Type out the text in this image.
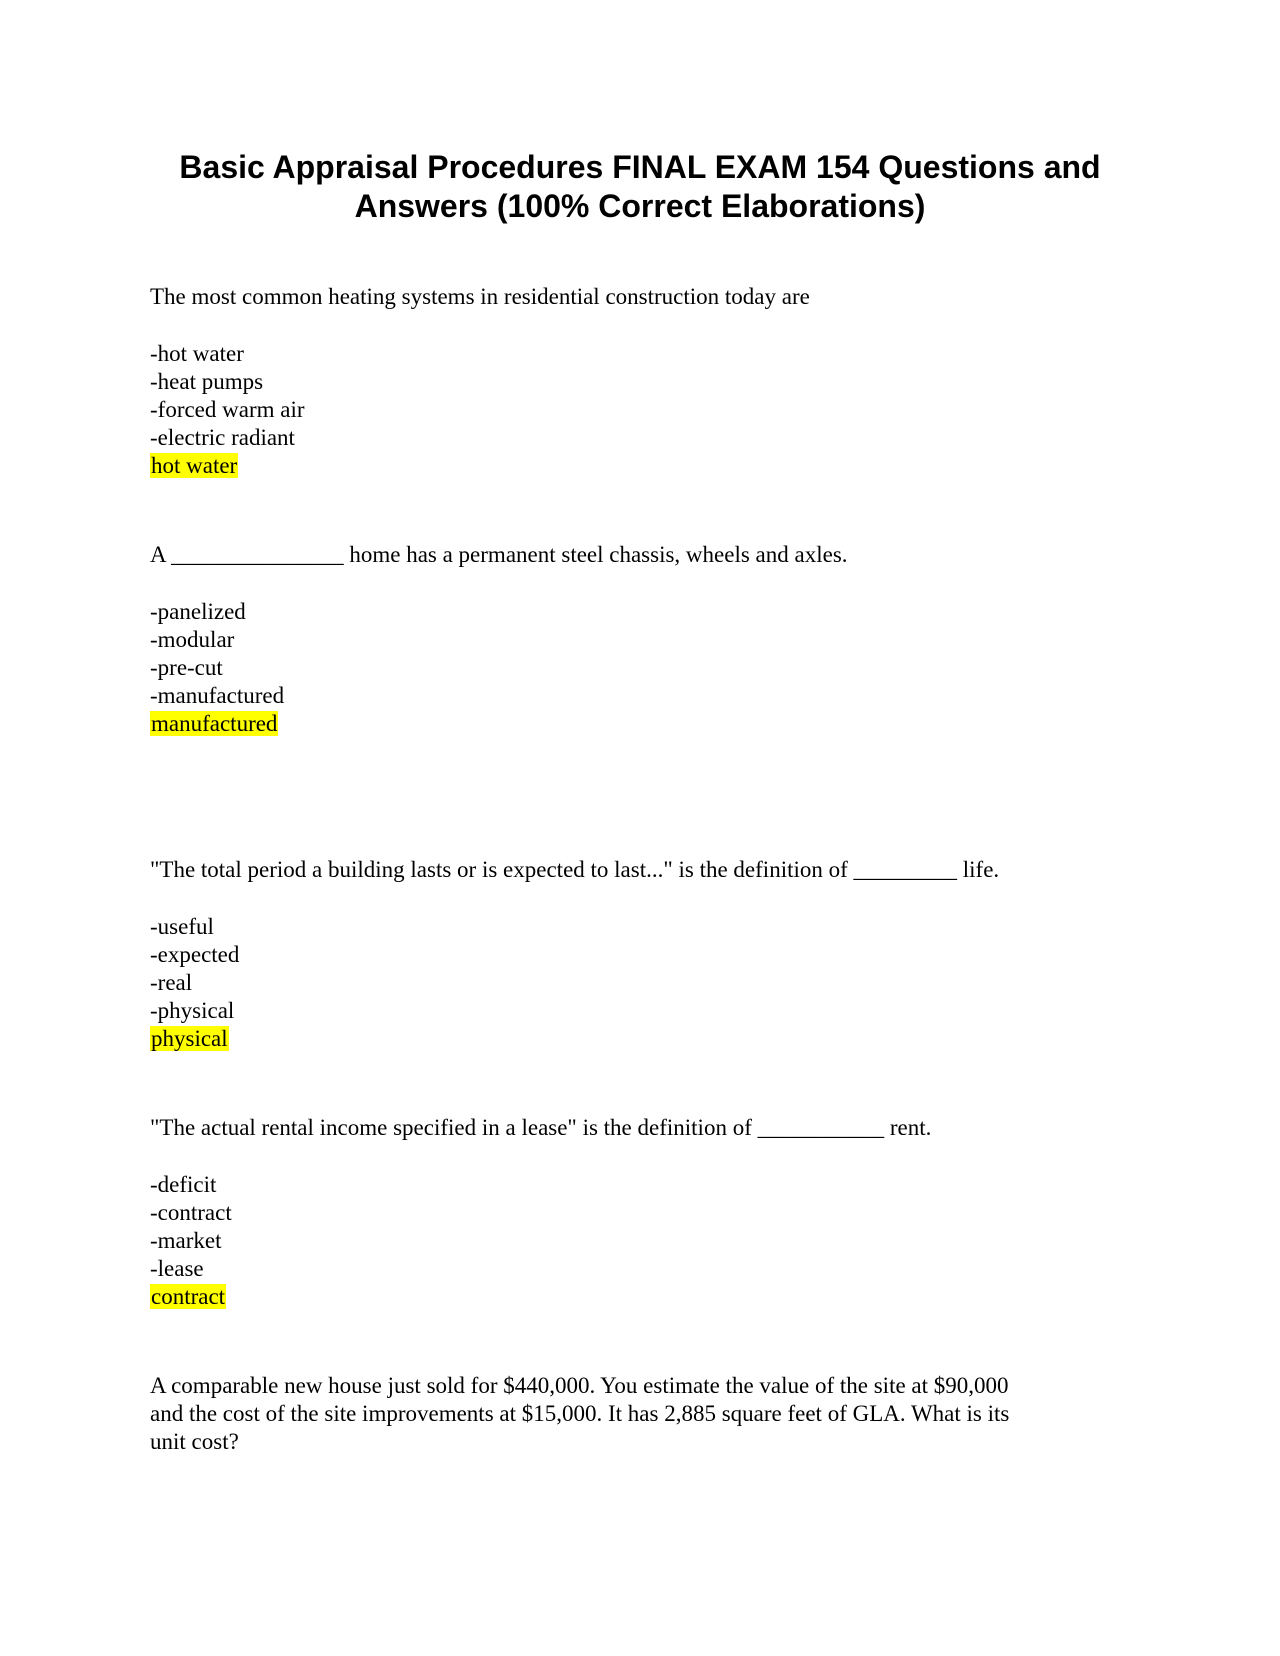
Basic Appraisal Procedures FINAL EXAM 154 Questions and
Answers (100% Correct Elaborations)
The most common heating systems in residential construction today are
-hot water
-heat pumps
-forced warm air
-electric radiant
hot water
A _______________ home has a permanent steel chassis, wheels and axles.
-panelized
-modular
-pre-cut
-manufactured
manufactured
"The total period a building lasts or is expected to last..." is the definition of _________ life.
-useful
-expected
-real
-physical
physical
"The actual rental income specified in a lease" is the definition of ___________ rent.
-deficit
-contract
-market
-lease
contract
A comparable new house just sold for $440,000. You estimate the value of the site at $90,000
and the cost of the site improvements at $15,000. It has 2,885 square feet of GLA. What is its
unit cost?
